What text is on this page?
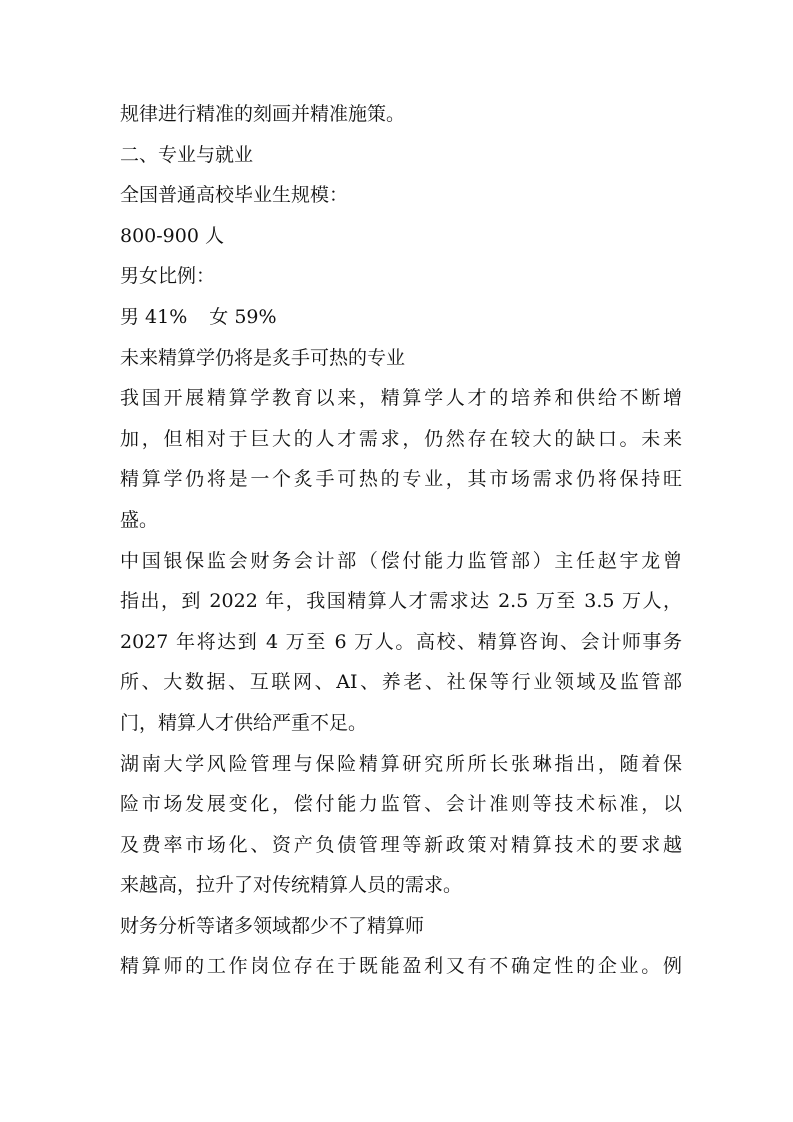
规律进行精准的刻画并精准施策。
二、专业与就业
全国普通高校毕业生规模：
800-900 人
男女比例：
男 41% 女 59%
未来精算学仍将是炙手可热的专业
我国开展精算学教育以来，精算学人才的培养和供给不断增
加，但相对于巨大的人才需求，仍然存在较大的缺口。未来
精算学仍将是一个炙手可热的专业，其市场需求仍将保持旺
盛。
中国银保监会财务会计部（偿付能力监管部）主任赵宇龙曾
指出，到 2022 年，我国精算人才需求达 2.5 万至 3.5 万人，
2027 年将达到 4 万至 6 万人。高校、精算咨询、会计师事务
所、大数据、互联网、AI、养老、社保等行业领域及监管部
门，精算人才供给严重不足。
湖南大学风险管理与保险精算研究所所长张琳指出，随着保
险市场发展变化，偿付能力监管、会计准则等技术标准，以
及费率市场化、资产负债管理等新政策对精算技术的要求越
来越高，拉升了对传统精算人员的需求。
财务分析等诸多领域都少不了精算师
精算师的工作岗位存在于既能盈利又有不确定性的企业。例
